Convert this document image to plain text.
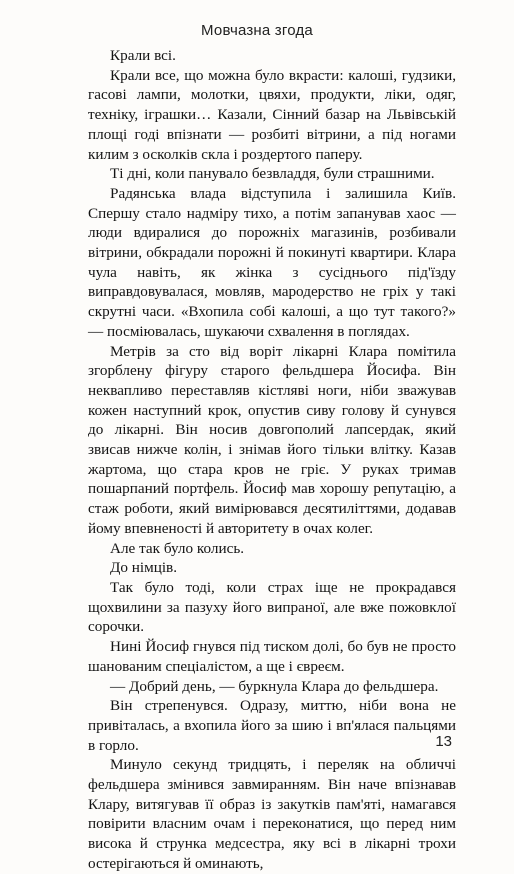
Мовчазна згода

Крали всі.

Крали все, що можна було вкрасти: калоші, гудзики, гасові лампи, молотки, цвяхи, продукти, ліки, одяг, техніку, іграшки… Казали, Сінний базар на Львівській площі годі впізнати — розбиті вітрини, а під ногами килим з осколків скла і роздертого паперу.

Ті дні, коли панувало безвладдя, були страшними.

Радянська влада відступила і залишила Київ. Спершу стало надміру тихо, а потім запанував хаос — люди вдиралися до порожніх магазинів, розбивали вітрини, обкрадали порожні й покинуті квартири. Клара чула навіть, як жінка з сусіднього під'їзду виправдовувалася, мовляв, мародерство не гріх у такі скрутні часи. «Вхопила собі калоші, а що тут такого?» — посміювалась, шукаючи схвалення в поглядах.

Метрів за сто від воріт лікарні Клара помітила згорблену фігуру старого фельдшера Йосифа. Він неквапливо переставляв кістляві ноги, ніби зважував кожен наступний крок, опустив сиву голову й сунувся до лікарні. Він носив довгополий лапсердак, який звисав нижче колін, і знімав його тільки влітку. Казав жартома, що стара кров не гріє. У руках тримав пошарпаний портфель. Йосиф мав хорошу репутацію, а стаж роботи, який вимірювався десятиліттями, додавав йому впевненості й авторитету в очах колег.

Але так було колись.

До німців.

Так було тоді, коли страх іще не прокрадався щохвилини за пазуху його випраної, але вже пожовклої сорочки.

Нині Йосиф гнувся під тиском долі, бо був не просто шанованим спеціалістом, а ще і євреєм.

— Добрий день, — буркнула Клара до фельдшера.

Він стрепенувся. Одразу, миттю, ніби вона не привіталась, а вхопила його за шию і вп'ялася пальцями в горло.

Минуло секунд тридцять, і переляк на обличчі фельдшера змінився завмиранням. Він наче впізнавав Клару, витягував її образ із закутків пам'яті, намагався повірити власним очам і переконатися, що перед ним висока й струнка медсестра, яку всі в лікарні трохи остерігаються й оминають,

13
